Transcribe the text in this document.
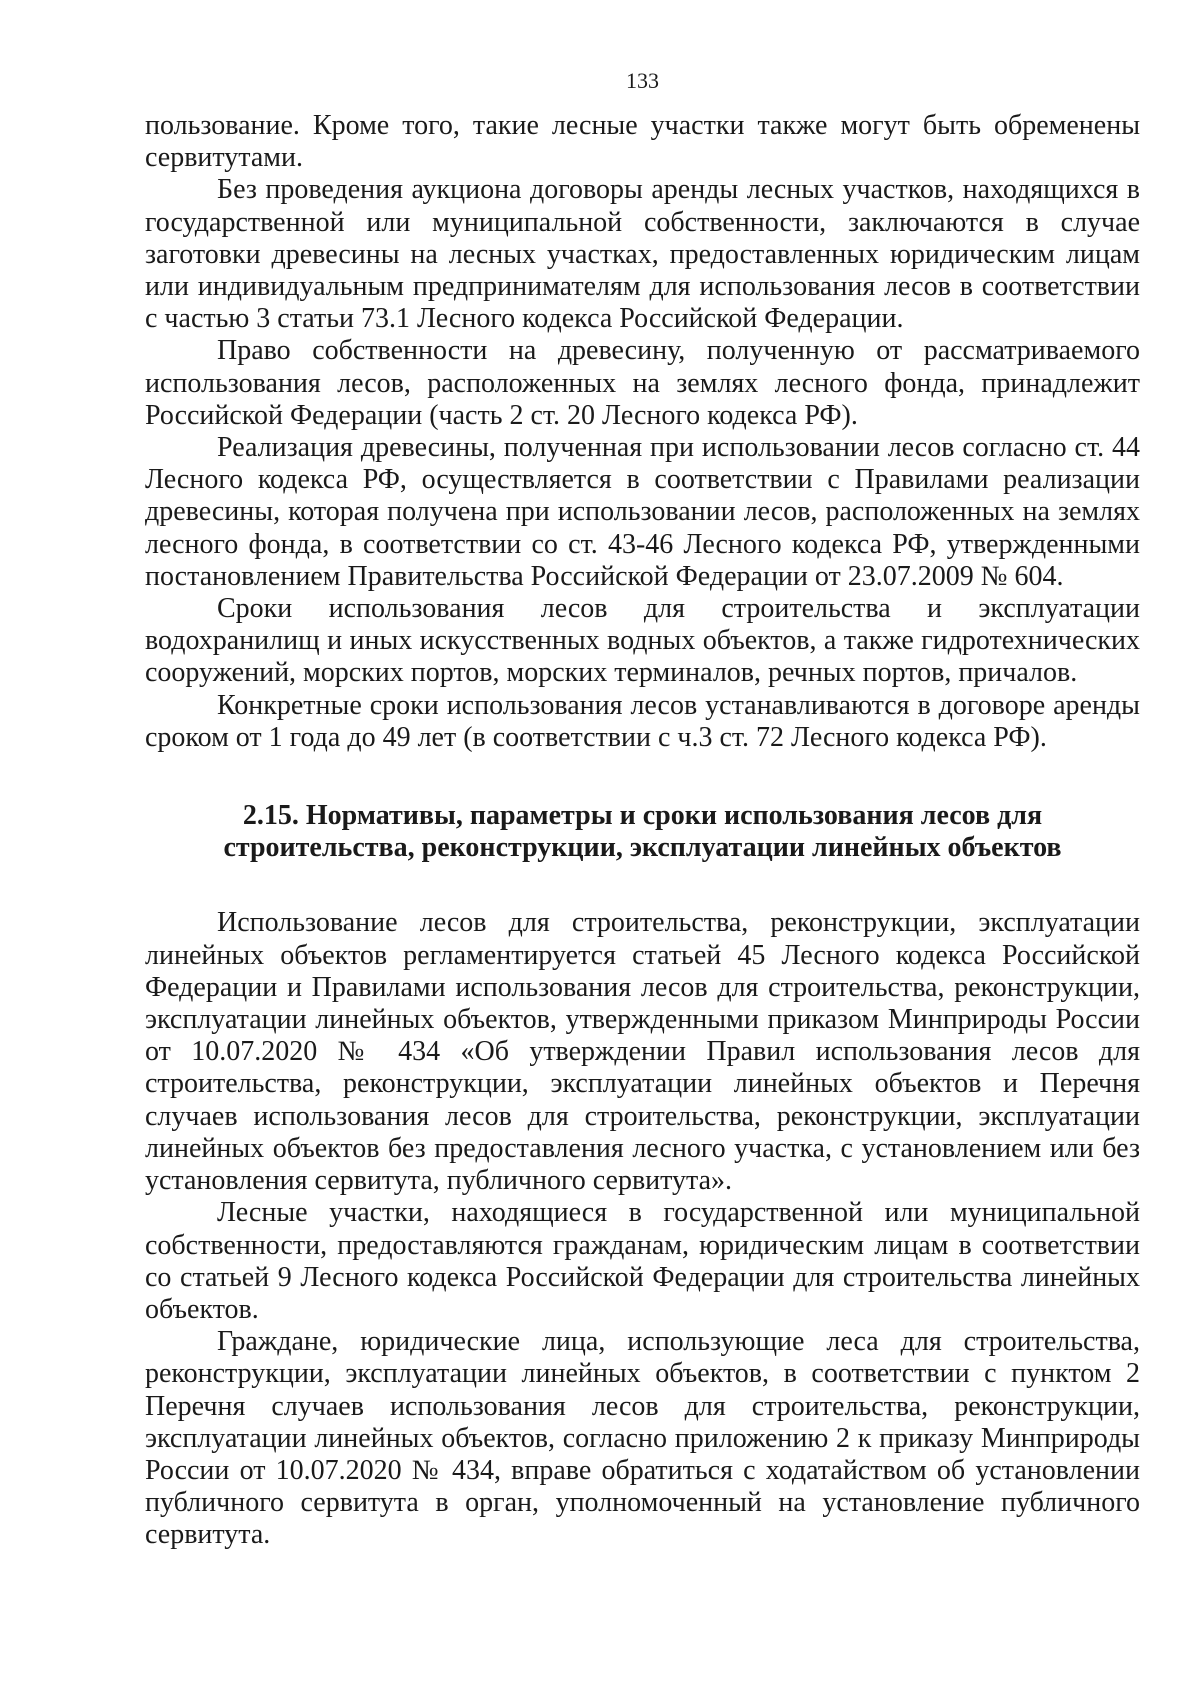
133

пользование. Кроме того, такие лесные участки также могут быть обременены сервитутами.

Без проведения аукциона договоры аренды лесных участков, находящихся в государственной или муниципальной собственности, заключаются в случае заготовки древесины на лесных участках, предоставленных юридическим лицам или индивидуальным предпринимателям для использования лесов в соответствии с частью 3 статьи 73.1 Лесного кодекса Российской Федерации.

Право собственности на древесину, полученную от рассматриваемого использования лесов, расположенных на землях лесного фонда, принадлежит Российской Федерации (часть 2 ст. 20 Лесного кодекса РФ).

Реализация древесины, полученная при использовании лесов согласно ст. 44 Лесного кодекса РФ, осуществляется в соответствии с Правилами реализации древесины, которая получена при использовании лесов, расположенных на землях лесного фонда, в соответствии со ст. 43-46 Лесного кодекса РФ, утвержденными постановлением Правительства Российской Федерации от 23.07.2009 № 604.

Сроки использования лесов для строительства и эксплуатации водохранилищ и иных искусственных водных объектов, а также гидротехнических сооружений, морских портов, морских терминалов, речных портов, причалов.

Конкретные сроки использования лесов устанавливаются в договоре аренды сроком от 1 года до 49 лет (в соответствии с ч.3 ст. 72 Лесного кодекса РФ).

2.15. Нормативы, параметры и сроки использования лесов для строительства, реконструкции, эксплуатации линейных объектов

Использование лесов для строительства, реконструкции, эксплуатации линейных объектов регламентируется статьей 45 Лесного кодекса Российской Федерации и Правилами использования лесов для строительства, реконструкции, эксплуатации линейных объектов, утвержденными приказом Минприроды России от 10.07.2020 № 434 «Об утверждении Правил использования лесов для строительства, реконструкции, эксплуатации линейных объектов и Перечня случаев использования лесов для строительства, реконструкции, эксплуатации линейных объектов без предоставления лесного участка, с установлением или без установления сервитута, публичного сервитута».

Лесные участки, находящиеся в государственной или муниципальной собственности, предоставляются гражданам, юридическим лицам в соответствии со статьей 9 Лесного кодекса Российской Федерации для строительства линейных объектов.

Граждане, юридические лица, использующие леса для строительства, реконструкции, эксплуатации линейных объектов, в соответствии с пунктом 2 Перечня случаев использования лесов для строительства, реконструкции, эксплуатации линейных объектов, согласно приложению 2 к приказу Минприроды России от 10.07.2020 № 434, вправе обратиться с ходатайством об установлении публичного сервитута в орган, уполномоченный на установление публичного сервитута.
